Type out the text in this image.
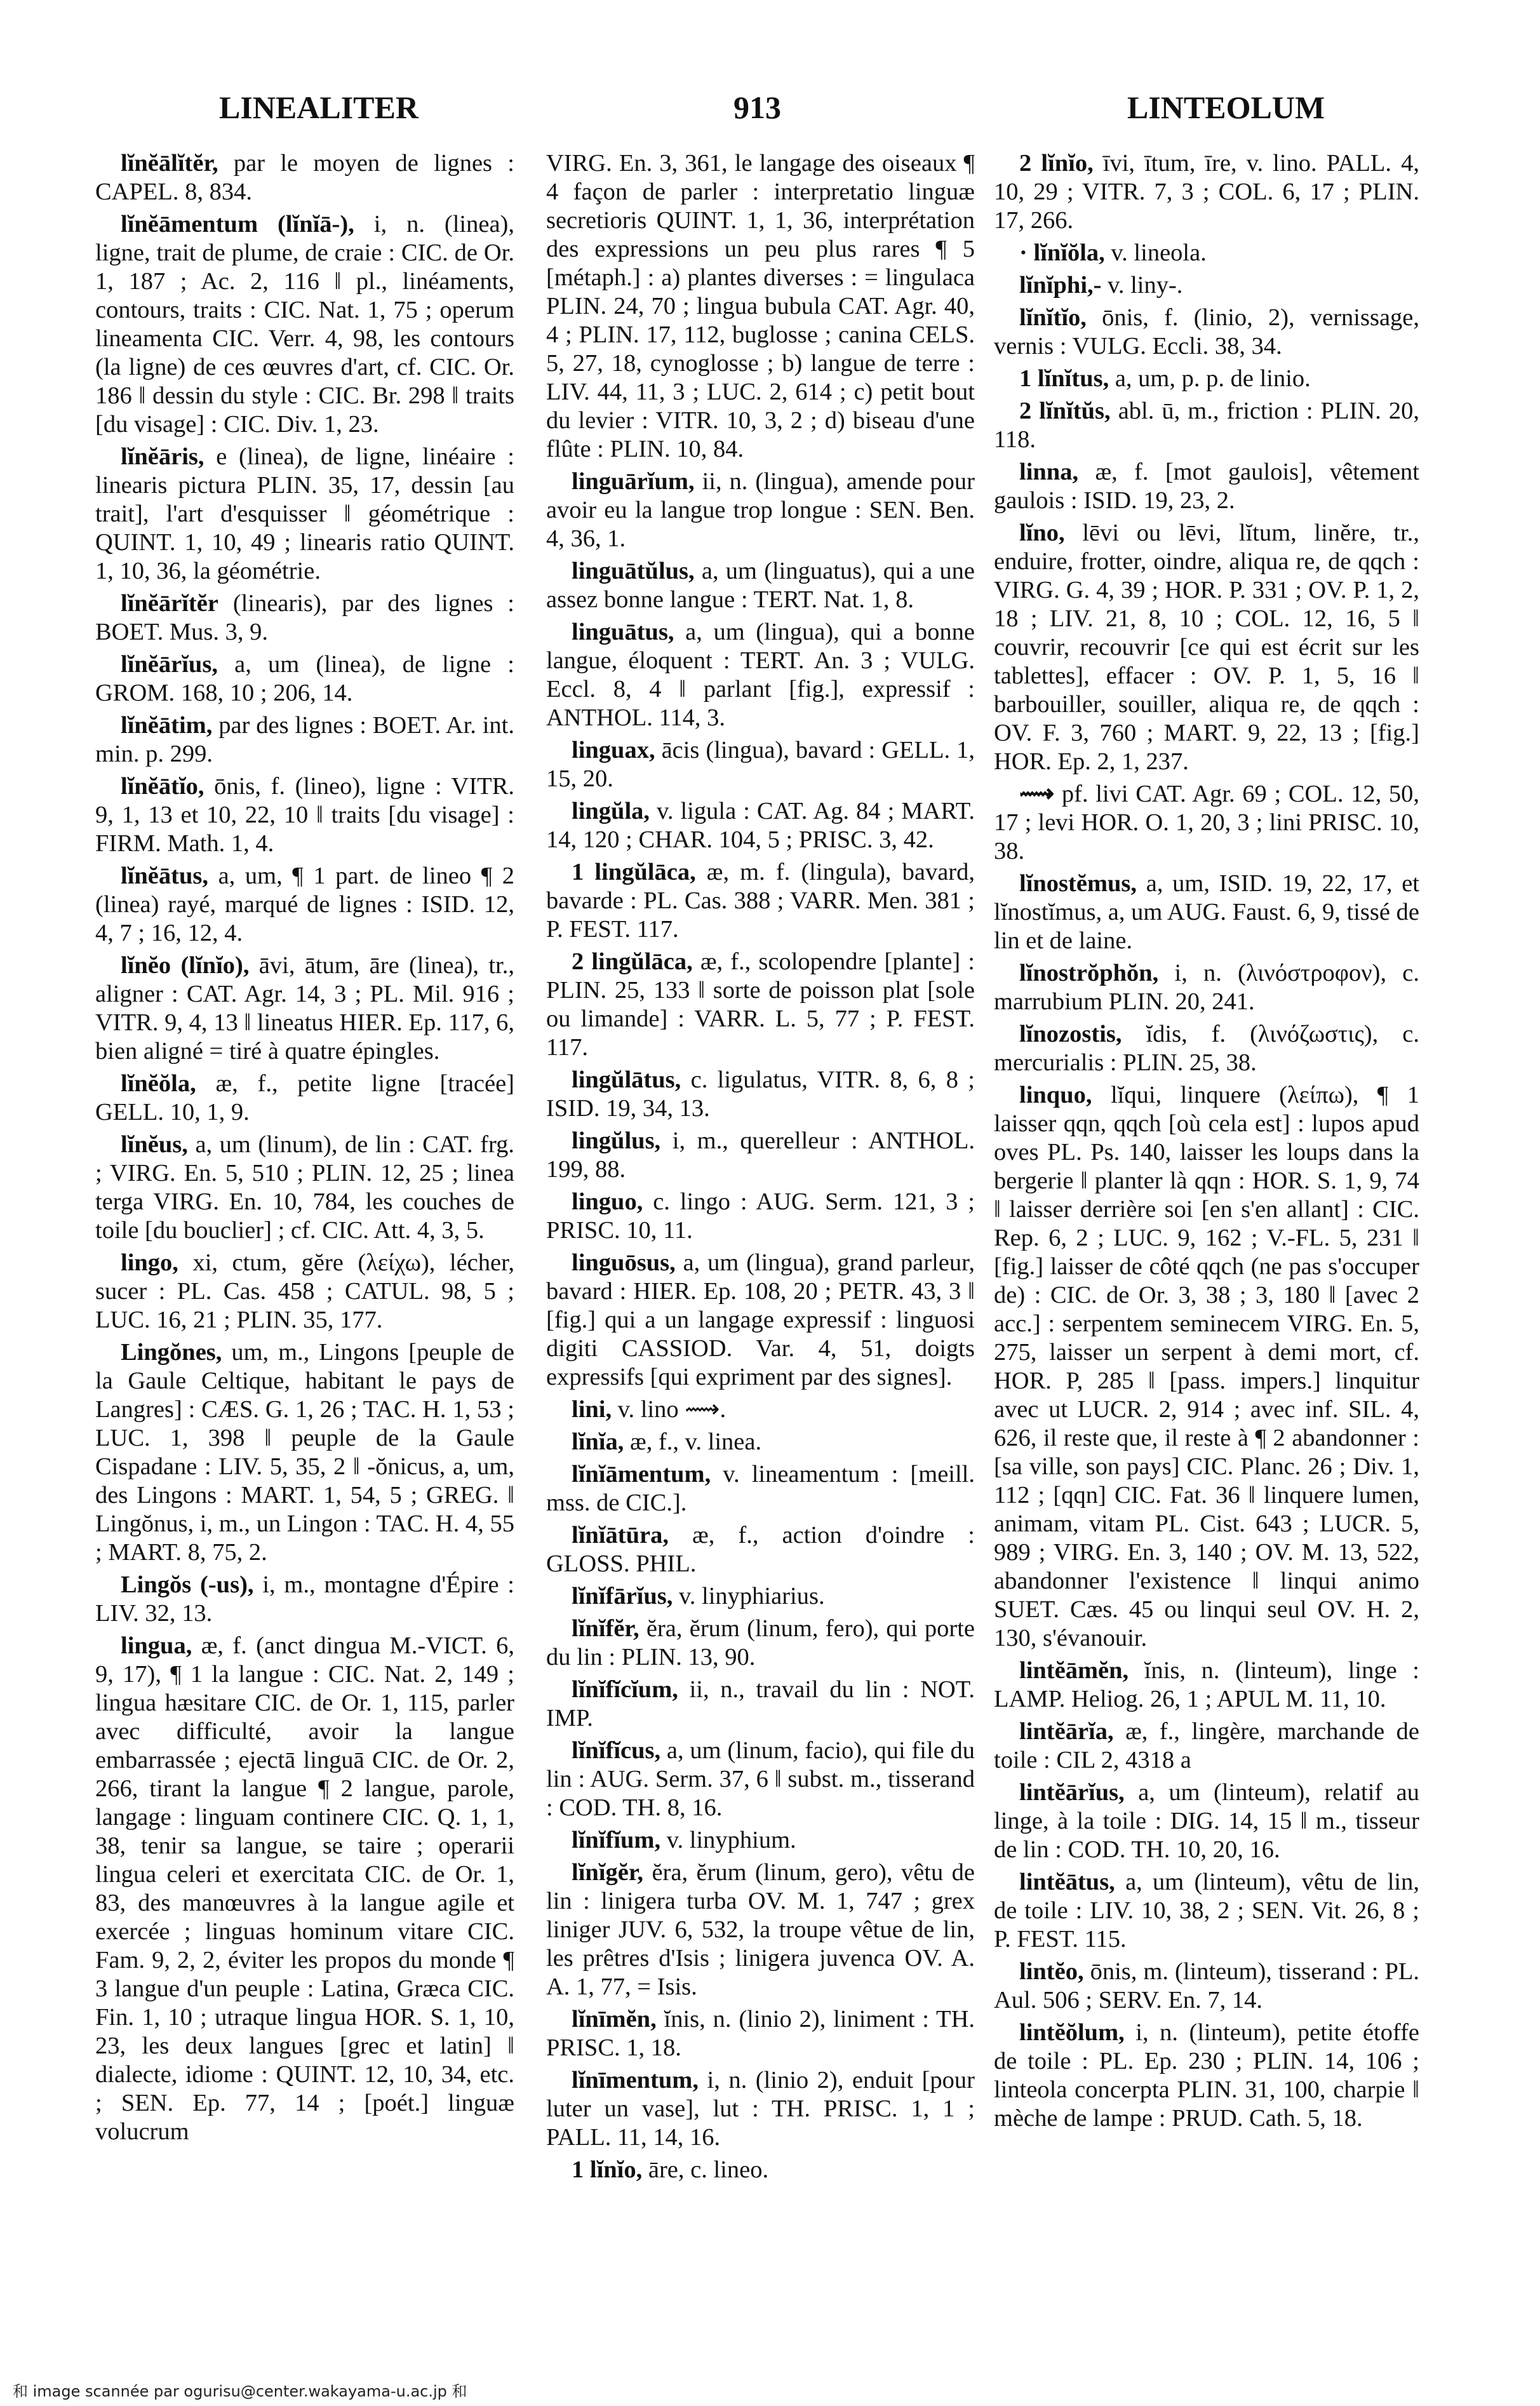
LINEALITER	913	LINTEOLUM

lĭnĕālĭtĕr, par le moyen de lignes : CAPEL. 8, 834.

lĭnĕāmentum (lĭnĭā-), i, n. (linea), ligne, trait de plume, de craie : CIC. de Or. 1, 187 ; Ac. 2, 116 ‖ pl., linéaments, contours, traits : CIC. Nat. 1, 75 ; operum lineamenta CIC. Verr. 4, 98, les contours (la ligne) de ces œuvres d'art, cf. CIC. Or. 186 ‖ dessin du style : CIC. Br. 298 ‖ traits [du visage] : CIC. Div. 1, 23.

lĭnĕāris, e (linea), de ligne, linéaire : linearis pictura PLIN. 35, 17, dessin [au trait], l'art d'esquisser ‖ géométrique : QUINT. 1, 10, 49 ; linearis ratio QUINT. 1, 10, 36, la géométrie.

lĭnĕārĭtĕr (linearis), par des lignes : BOET. Mus. 3, 9.

lĭnĕārĭus, a, um (linea), de ligne : GROM. 168, 10 ; 206, 14.

lĭnĕātim, par des lignes : BOET. Ar. int. min. p. 299.

lĭnĕātĭo, ōnis, f. (lineo), ligne : VITR. 9, 1, 13 et 10, 22, 10 ‖ traits [du visage] : FIRM. Math. 1, 4.

lĭnĕātus, a, um, ¶ 1 part. de lineo ¶ 2 (linea) rayé, marqué de lignes : ISID. 12, 4, 7 ; 16, 12, 4.

lĭnĕo (lĭnĭo), āvi, ātum, āre (linea), tr., aligner : CAT. Agr. 14, 3 ; PL. Mil. 916 ; VITR. 9, 4, 13 ‖ lineatus HIER. Ep. 117, 6, bien aligné = tiré à quatre épingles.

lĭnĕŏla, æ, f., petite ligne [tracée] GELL. 10, 1, 9.

lĭnĕus, a, um (linum), de lin : CAT. frg. ; VIRG. En. 5, 510 ; PLIN. 12, 25 ; linea terga VIRG. En. 10, 784, les couches de toile [du bouclier] ; cf. CIC. Att. 4, 3, 5.

lingo, xi, ctum, gĕre (λείχω), lécher, sucer : PL. Cas. 458 ; CATUL. 98, 5 ; LUC. 16, 21 ; PLIN. 35, 177.

Lingŏnes, um, m., Lingons [peuple de la Gaule Celtique, habitant le pays de Langres] : CÆS. G. 1, 26 ; TAC. H. 1, 53 ; LUC. 1, 398 ‖ peuple de la Gaule Cispadane : LIV. 5, 35, 2 ‖ -ŏnicus, a, um, des Lingons : MART. 1, 54, 5 ; GREG. ‖ Lingŏnus, i, m., un Lingon : TAC. H. 4, 55 ; MART. 8, 75, 2.

Lingŏs (-us), i, m., montagne d'Épire : LIV. 32, 13.

lingua, æ, f. (anct dingua M.-VICT. 6, 9, 17), ¶ 1 la langue : CIC. Nat. 2, 149 ; lingua hæsitare CIC. de Or. 1, 115, parler avec difficulté, avoir la langue embarrassée ; ejectā linguā CIC. de Or. 2, 266, tirant la langue ¶ 2 langue, parole, langage : linguam continere CIC. Q. 1, 1, 38, tenir sa langue, se taire ; operarii lingua celeri et exercitata CIC. de Or. 1, 83, des manœuvres à la langue agile et exercée ; linguas hominum vitare CIC. Fam. 9, 2, 2, éviter les propos du monde ¶ 3 langue d'un peuple : Latina, Græca CIC. Fin. 1, 10 ; utraque lingua HOR. S. 1, 10, 23, les deux langues [grec et latin] ‖ dialecte, idiome : QUINT. 12, 10, 34, etc. ; SEN. Ep. 77, 14 ; [poét.] linguæ volucrum

VIRG. En. 3, 361, le langage des oiseaux ¶ 4 façon de parler : interpretatio linguæ secretioris QUINT. 1, 1, 36, interprétation des expressions un peu plus rares ¶ 5 [métaph.] : a) plantes diverses : = lingulaca PLIN. 24, 70 ; lingua bubula CAT. Agr. 40, 4 ; PLIN. 17, 112, buglosse ; canina CELS. 5, 27, 18, cynoglosse ; b) langue de terre : LIV. 44, 11, 3 ; LUC. 2, 614 ; c) petit bout du levier : VITR. 10, 3, 2 ; d) biseau d'une flûte : PLIN. 10, 84.

linguārĭum, ii, n. (lingua), amende pour avoir eu la langue trop longue : SEN. Ben. 4, 36, 1.

linguātŭlus, a, um (linguatus), qui a une assez bonne langue : TERT. Nat. 1, 8.

linguātus, a, um (lingua), qui a bonne langue, éloquent : TERT. An. 3 ; VULG. Eccl. 8, 4 ‖ parlant [fig.], expressif : ANTHOL. 114, 3.

linguax, ācis (lingua), bavard : GELL. 1, 15, 20.

lingŭla, v. ligula : CAT. Ag. 84 ; MART. 14, 120 ; CHAR. 104, 5 ; PRISC. 3, 42.

1 lingŭlāca, æ, m. f. (lingula), bavard, bavarde : PL. Cas. 388 ; VARR. Men. 381 ; P. FEST. 117.

2 lingŭlāca, æ, f., scolopendre [plante] : PLIN. 25, 133 ‖ sorte de poisson plat [sole ou limande] : VARR. L. 5, 77 ; P. FEST. 117.

lingŭlātus, c. ligulatus, VITR. 8, 6, 8 ; ISID. 19, 34, 13.

lingŭlus, i, m., querelleur : ANTHOL. 199, 88.

linguo, c. lingo : AUG. Serm. 121, 3 ; PRISC. 10, 11.

linguōsus, a, um (lingua), grand parleur, bavard : HIER. Ep. 108, 20 ; PETR. 43, 3 ‖ [fig.] qui a un langage expressif : linguosi digiti CASSIOD. Var. 4, 51, doigts expressifs [qui expriment par des signes].

lini, v. lino ⟿.

lĭnĭa, æ, f., v. linea.

lĭnĭāmentum, v. lineamentum : [meill. mss. de CIC.].

lĭnĭātūra, æ, f., action d'oindre : GLOSS. PHIL.

lĭnĭfārĭus, v. linyphiarius.

lĭnĭfĕr, ĕra, ĕrum (linum, fero), qui porte du lin : PLIN. 13, 90.

lĭnĭfĭcĭum, ii, n., travail du lin : NOT. IMP.

lĭnĭfĭcus, a, um (linum, facio), qui file du lin : AUG. Serm. 37, 6 ‖ subst. m., tisserand : COD. TH. 8, 16.

lĭnĭfĭum, v. linyphium.

lĭnĭgĕr, ĕra, ĕrum (linum, gero), vêtu de lin : linigera turba OV. M. 1, 747 ; grex liniger JUV. 6, 532, la troupe vêtue de lin, les prêtres d'Isis ; linigera juvenca OV. A. A. 1, 77, = Isis.

lĭnīmĕn, ĭnis, n. (linio 2), liniment : TH. PRISC. 1, 18.

lĭnīmentum, i, n. (linio 2), enduit [pour luter un vase], lut : TH. PRISC. 1, 1 ; PALL. 11, 14, 16.

1 lĭnĭo, āre, c. lineo.

2 lĭnĭo, īvi, ītum, īre, v. lino. PALL. 4, 10, 29 ; VITR. 7, 3 ; COL. 6, 17 ; PLIN. 17, 266.

· lĭnĭŏla, v. lineola.

lĭnĭphi,- v. liny-.

lĭnĭtĭo, ōnis, f. (linio, 2), vernissage, vernis : VULG. Eccli. 38, 34.

1 lĭnĭtus, a, um, p. p. de linio.

2 lĭnĭtŭs, abl. ū, m., friction : PLIN. 20, 118.

linna, æ, f. [mot gaulois], vêtement gaulois : ISID. 19, 23, 2.

lĭno, lēvi ou lēvi, lĭtum, linĕre, tr., enduire, frotter, oindre, aliqua re, de qqch : VIRG. G. 4, 39 ; HOR. P. 331 ; OV. P. 1, 2, 18 ; LIV. 21, 8, 10 ; COL. 12, 16, 5 ‖ couvrir, recouvrir [ce qui est écrit sur les tablettes], effacer : OV. P. 1, 5, 16 ‖ barbouiller, souiller, aliqua re, de qqch : OV. F. 3, 760 ; MART. 9, 22, 13 ; [fig.] HOR. Ep. 2, 1, 237.

⟿ pf. livi CAT. Agr. 69 ; COL. 12, 50, 17 ; levi HOR. O. 1, 20, 3 ; lini PRISC. 10, 38.

lĭnostĕmus, a, um, ISID. 19, 22, 17, et lĭnostĭmus, a, um AUG. Faust. 6, 9, tissé de lin et de laine.

lĭnostrŏphŏn, i, n. (λινόστροφον), c. marrubium PLIN. 20, 241.

lĭnozostis, ĭdis, f. (λινόζωστις), c. mercurialis : PLIN. 25, 38.

linquo, lĭqui, linquere (λείπω), ¶ 1 laisser qqn, qqch [où cela est] : lupos apud oves PL. Ps. 140, laisser les loups dans la bergerie ‖ planter là qqn : HOR. S. 1, 9, 74 ‖ laisser derrière soi [en s'en allant] : CIC. Rep. 6, 2 ; LUC. 9, 162 ; V.-FL. 5, 231 ‖ [fig.] laisser de côté qqch (ne pas s'occuper de) : CIC. de Or. 3, 38 ; 3, 180 ‖ [avec 2 acc.] : serpentem seminecem VIRG. En. 5, 275, laisser un serpent à demi mort, cf. HOR. P, 285 ‖ [pass. impers.] linquitur avec ut LUCR. 2, 914 ; avec inf. SIL. 4, 626, il reste que, il reste à ¶ 2 abandonner : [sa ville, son pays] CIC. Planc. 26 ; Div. 1, 112 ; [qqn] CIC. Fat. 36 ‖ linquere lumen, animam, vitam PL. Cist. 643 ; LUCR. 5, 989 ; VIRG. En. 3, 140 ; OV. M. 13, 522, abandonner l'existence ‖ linqui animo SUET. Cæs. 45 ou linqui seul OV. H. 2, 130, s'évanouir.

lintĕāmĕn, ĭnis, n. (linteum), linge : LAMP. Heliog. 26, 1 ; APUL M. 11, 10.

lintĕārĭa, æ, f., lingère, marchande de toile : CIL 2, 4318 a

lintĕārĭus, a, um (linteum), relatif au linge, à la toile : DIG. 14, 15 ‖ m., tisseur de lin : COD. TH. 10, 20, 16.

lintĕātus, a, um (linteum), vêtu de lin, de toile : LIV. 10, 38, 2 ; SEN. Vit. 26, 8 ; P. FEST. 115.

lintĕo, ōnis, m. (linteum), tisserand : PL. Aul. 506 ; SERV. En. 7, 14.

lintĕŏlum, i, n. (linteum), petite étoffe de toile : PL. Ep. 230 ; PLIN. 14, 106 ; linteola concerpta PLIN. 31, 100, charpie ‖ mèche de lampe : PRUD. Cath. 5, 18.

和 image scannée par ogurisu@center.wakayama-u.ac.jp 和
